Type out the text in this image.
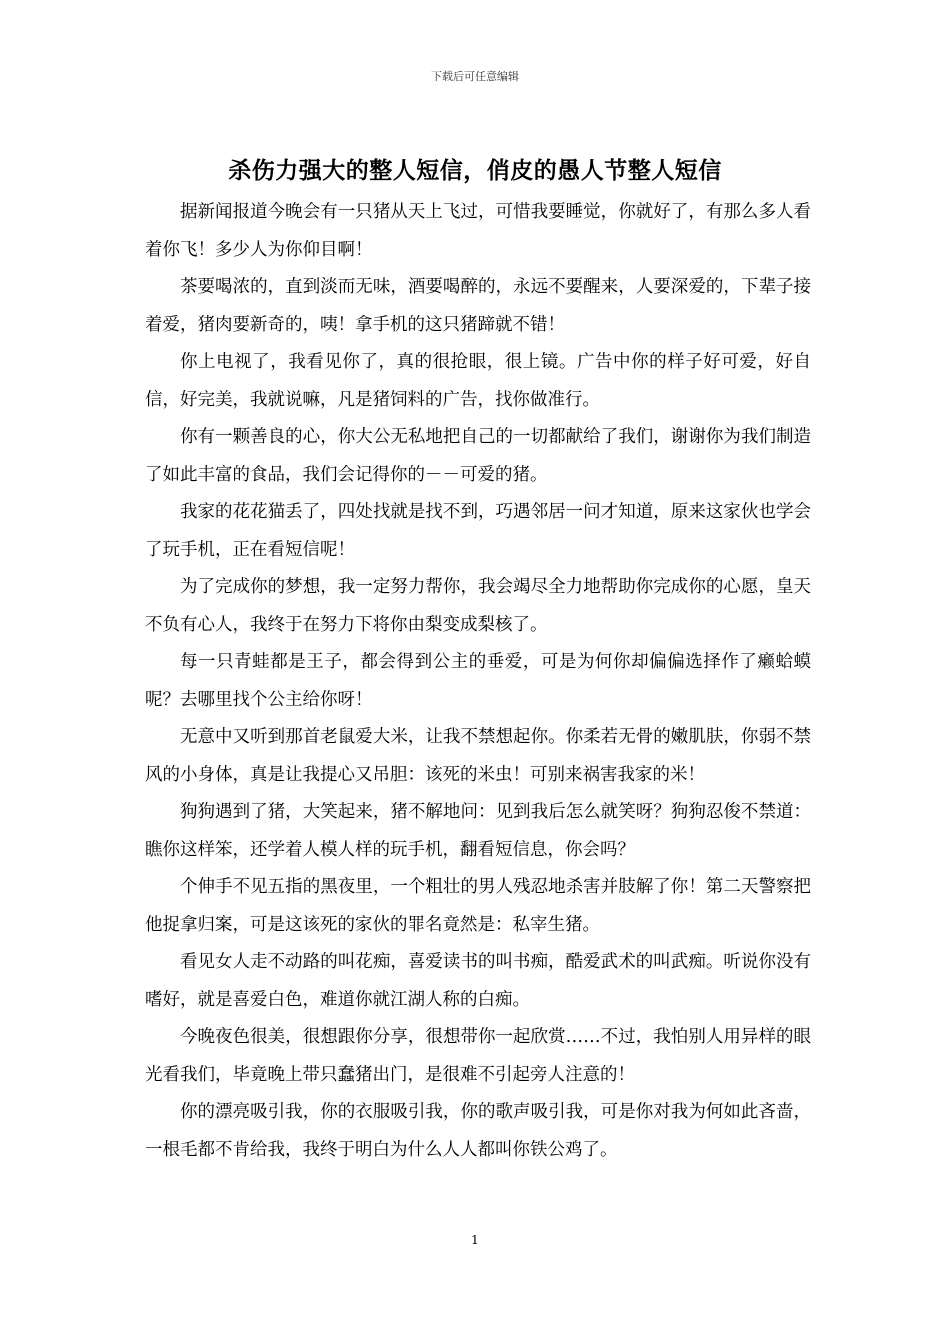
下载后可任意编辑
杀伤力强大的整人短信，俏皮的愚人节整人短信

据新闻报道今晚会有一只猪从天上飞过，可惜我要睡觉，你就好了，有那么多人看着你飞！多少人为你仰目啊！

茶要喝浓的，直到淡而无味，酒要喝醉的，永远不要醒来，人要深爱的，下辈子接着爱，猪肉要新奇的，咦！拿手机的这只猪蹄就不错！

你上电视了，我看见你了，真的很抢眼，很上镜。广告中你的样子好可爱，好自信，好完美，我就说嘛，凡是猪饲料的广告，找你做准行。

你有一颗善良的心，你大公无私地把自己的一切都献给了我们，谢谢你为我们制造了如此丰富的食品，我们会记得你的－－可爱的猪。

我家的花花猫丢了，四处找就是找不到，巧遇邻居一问才知道，原来这家伙也学会了玩手机，正在看短信呢！

为了完成你的梦想，我一定努力帮你，我会竭尽全力地帮助你完成你的心愿，皇天不负有心人，我终于在努力下将你由梨变成梨核了。

每一只青蛙都是王子，都会得到公主的垂爱，可是为何你却偏偏选择作了癞蛤蟆呢？去哪里找个公主给你呀！

无意中又听到那首老鼠爱大米，让我不禁想起你。你柔若无骨的嫩肌肤，你弱不禁风的小身体，真是让我提心又吊胆：该死的米虫！可别来祸害我家的米！

狗狗遇到了猪，大笑起来，猪不解地问：见到我后怎么就笑呀？狗狗忍俊不禁道：瞧你这样笨，还学着人模人样的玩手机，翻看短信息，你会吗？

个伸手不见五指的黑夜里，一个粗壮的男人残忍地杀害并肢解了你！第二天警察把他捉拿归案，可是这该死的家伙的罪名竟然是：私宰生猪。

看见女人走不动路的叫花痴，喜爱读书的叫书痴，酷爱武术的叫武痴。听说你没有嗜好，就是喜爱白色，难道你就江湖人称的白痴。

今晚夜色很美，很想跟你分享，很想带你一起欣赏……不过，我怕别人用异样的眼光看我们，毕竟晚上带只蠢猪出门，是很难不引起旁人注意的！

你的漂亮吸引我，你的衣服吸引我，你的歌声吸引我，可是你对我为何如此吝啬，一根毛都不肯给我，我终于明白为什么人人都叫你铁公鸡了。

1
